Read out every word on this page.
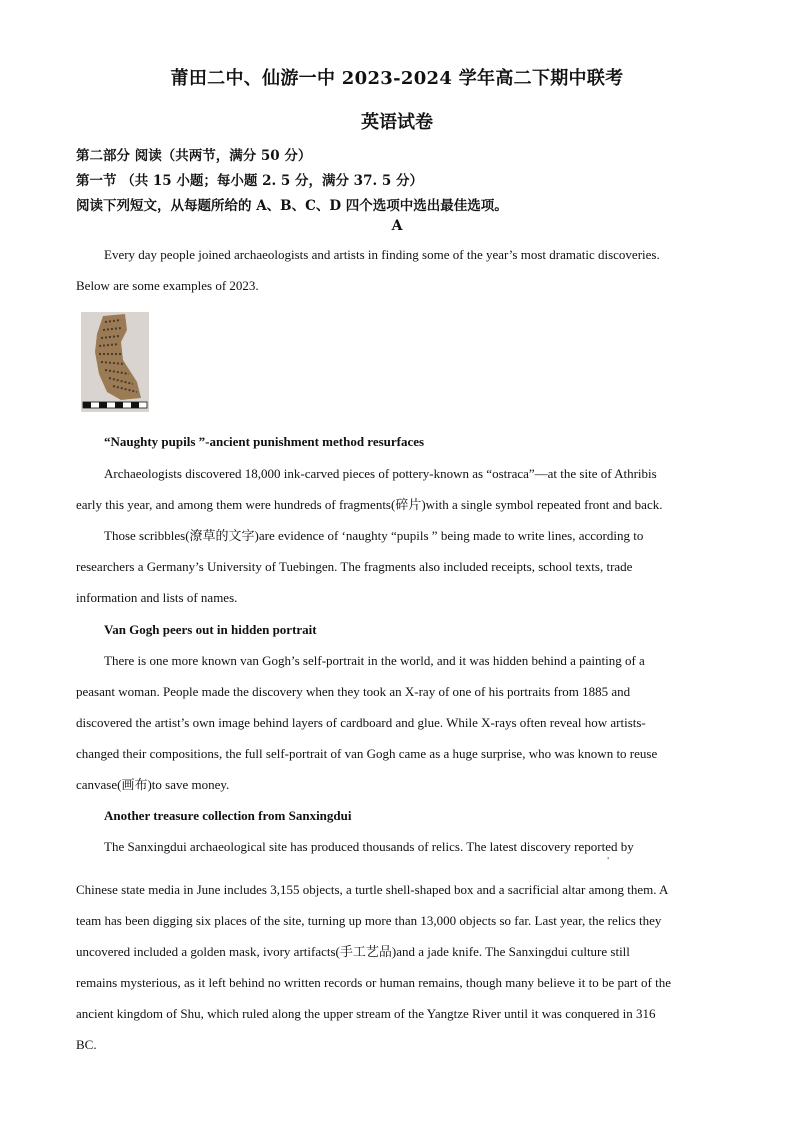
莆田二中、仙游一中 2023-2024 学年高二下期中联考
英语试卷
第二部分 阅读（共两节，满分 50 分）
第一节 （共 15 小题；每小题 2. 5 分，满分 37. 5 分）
阅读下列短文，从每题所给的 A、B、C、D 四个选项中选出最佳选项。
A
Every day people joined archaeologists and artists in finding some of the year’s most dramatic discoveries.
Below are some examples of 2023.
“Naughty pupils ”-ancient punishment method resurfaces
Archaeologists discovered 18,000 ink-carved pieces of pottery-known as “ostraca”—at the site of Athribis
early this year, and among them were hundreds of fragments(碎片)with a single symbol repeated front and back.
Those scribbles(潦草的文字)are evidence of ‘naughty “pupils ” being made to write lines, according to
researchers a Germany’s University of Tuebingen. The fragments also included receipts, school texts, trade
information and lists of names.
Van Gogh peers out in hidden portrait
There is one more known van Gogh’s self-portrait in the world, and it was hidden behind a painting of a
peasant woman. People made the discovery when they took an X-ray of one of his portraits from 1885 and
discovered the artist’s own image behind layers of cardboard and glue. While X-rays often reveal how artists-
changed their compositions, the full self-portrait of van Gogh came as a huge surprise, who was known to reuse
canvase(画布)to save money.
Another treasure collection from Sanxingdui
The Sanxingdui archaeological site has produced thousands of relics. The latest discovery reported by
'
Chinese state media in June includes 3,155 objects, a turtle shell-shaped box and a sacrificial altar among them. A
team has been digging six places of the site, turning up more than 13,000 objects so far. Last year, the relics they
uncovered included a golden mask, ivory artifacts(手工艺品)and a jade knife. The Sanxingdui culture still
remains mysterious, as it left behind no written records or human remains, though many believe it to be part of the
ancient kingdom of Shu, which ruled along the upper stream of the Yangtze River until it was conquered in 316
BC.
